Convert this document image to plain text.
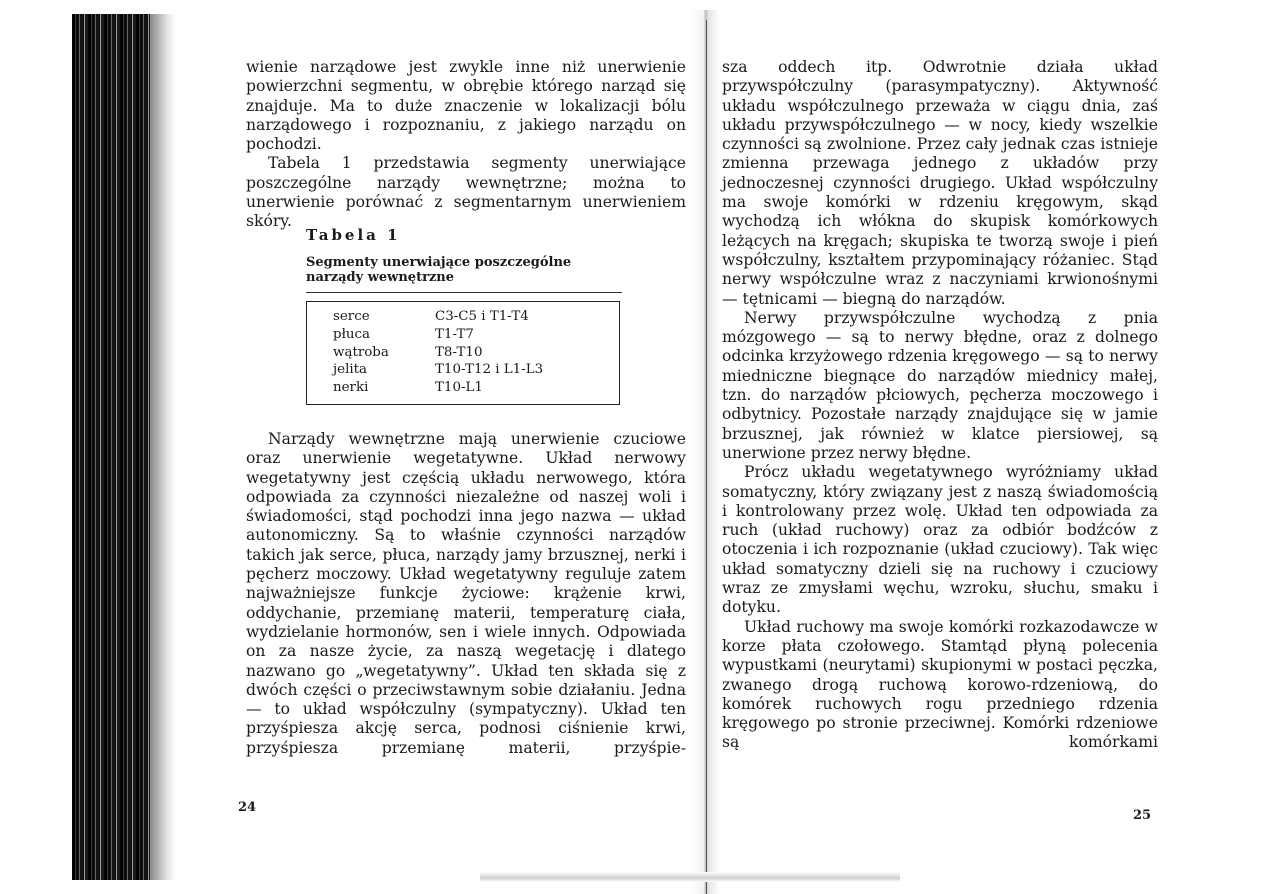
wienie narządowe jest zwykle inne niż unerwienie powierzchni segmentu, w obrębie którego narząd się znajduje. Ma to duże znaczenie w lokalizacji bólu narządowego i rozpoznaniu, z jakiego narządu on pochodzi.

Tabela 1 przedstawia segmenty unerwiające poszczególne narządy wewnętrzne; można to unerwienie porównać z segmentarnym unerwieniem skóry.

Tabela 1
Segmenty unerwiające poszczególne narządy wewnętrzne
serce	C3-C5 i T1-T4
płuca	T1-T7
wątroba	T8-T10
jelita	T10-T12 i L1-L3
nerki	T10-L1

Narządy wewnętrzne mają unerwienie czuciowe oraz unerwienie wegetatywne. Układ nerwowy wegetatywny jest częścią układu nerwowego, która odpowiada za czynności niezależne od naszej woli i świadomości, stąd pochodzi inna jego nazwa — układ autonomiczny. Są to właśnie czynności narządów takich jak serce, płuca, narządy jamy brzusznej, nerki i pęcherz moczowy. Układ wegetatywny reguluje zatem najważniejsze funkcje życiowe: krążenie krwi, oddychanie, przemianę materii, temperaturę ciała, wydzielanie hormonów, sen i wiele innych. Odpowiada on za nasze życie, za naszą wegetację i dlatego nazwano go „wegetatywny”. Układ ten składa się z dwóch części o przeciwstawnym sobie działaniu. Jedna — to układ współczulny (sympatyczny). Układ ten przyśpiesza akcję serca, podnosi ciśnienie krwi, przyśpiesza przemianę materii, przyśpie-

24

sza oddech itp. Odwrotnie działa układ przywspółczulny (parasympatyczny). Aktywność układu współczulnego przeważa w ciągu dnia, zaś układu przywspółczulnego — w nocy, kiedy wszelkie czynności są zwolnione. Przez cały jednak czas istnieje zmienna przewaga jednego z układów przy jednoczesnej czynności drugiego. Układ współczulny ma swoje komórki w rdzeniu kręgowym, skąd wychodzą ich włókna do skupisk komórkowych leżących na kręgach; skupiska te tworzą swoje i pień współczulny, kształtem przypominający różaniec. Stąd nerwy współczulne wraz z naczyniami krwionośnymi — tętnicami — biegną do narządów.

Nerwy przywspółczulne wychodzą z pnia mózgowego — są to nerwy błędne, oraz z dolnego odcinka krzyżowego rdzenia kręgowego — są to nerwy miedniczne biegnące do narządów miednicy małej, tzn. do narządów płciowych, pęcherza moczowego i odbytnicy. Pozostałe narządy znajdujące się w jamie brzusznej, jak również w klatce piersiowej, są unerwione przez nerwy błędne.

Prócz układu wegetatywnego wyróżniamy układ somatyczny, który związany jest z naszą świadomością i kontrolowany przez wolę. Układ ten odpowiada za ruch (układ ruchowy) oraz za odbiór bodźców z otoczenia i ich rozpoznanie (układ czuciowy). Tak więc układ somatyczny dzieli się na ruchowy i czuciowy wraz ze zmysłami węchu, wzroku, słuchu, smaku i dotyku.

Układ ruchowy ma swoje komórki rozkazodawcze w korze płata czołowego. Stamtąd płyną polecenia wypustkami (neurytami) skupionymi w postaci pęczka, zwanego drogą ruchową korowo-rdzeniową, do komórek ruchowych rogu przedniego rdzenia kręgowego po stronie przeciwnej. Komórki rdzeniowe są komórkami

25
